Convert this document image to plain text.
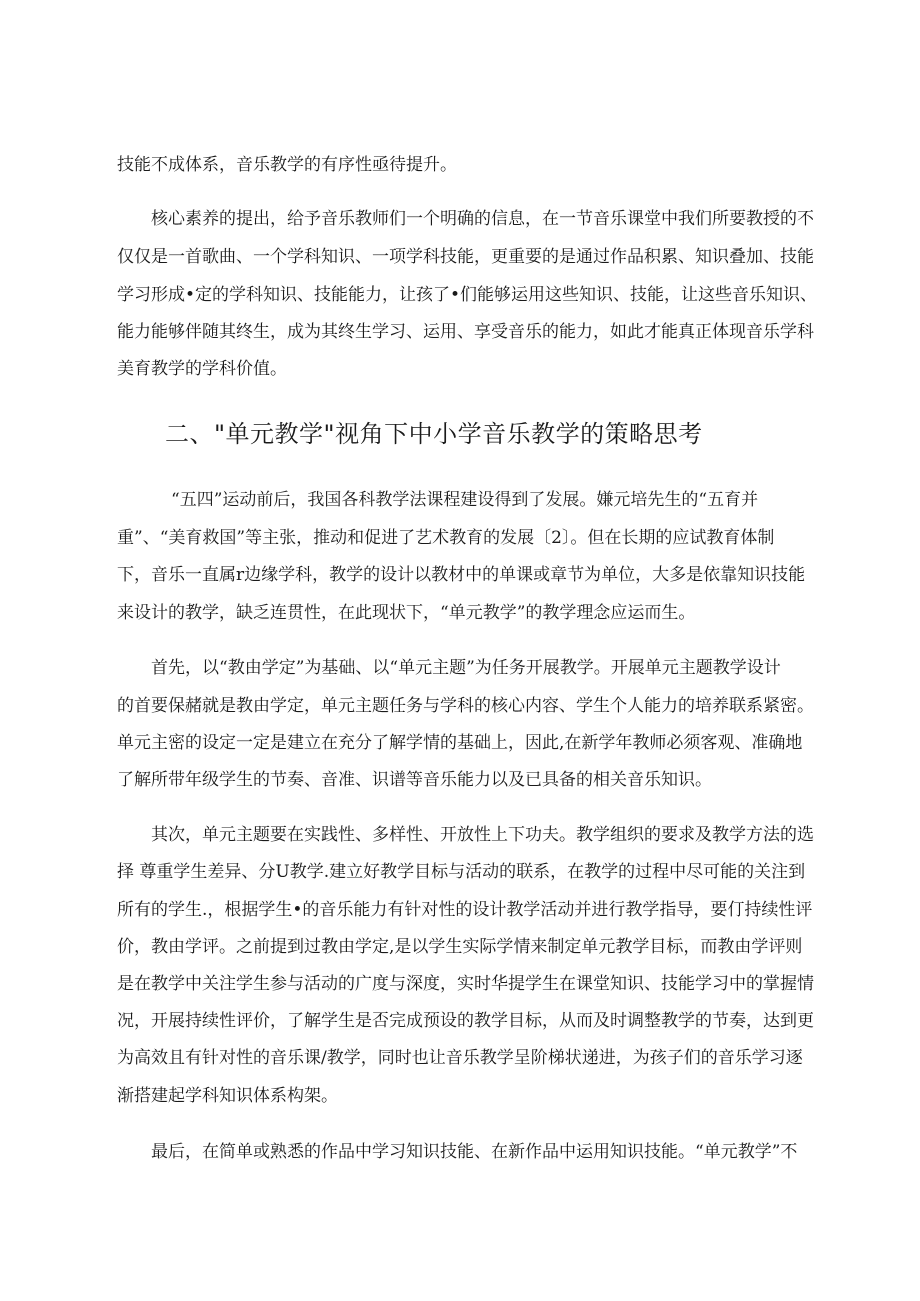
技能不成体系，音乐教学的有序性亟待提升。
核心素养的提出，给予音乐教师们一个明确的信息，在一节音乐课堂中我们所要教授的不
仅仅是一首歌曲、一个学科知识、一项学科技能，更重要的是通过作品积累、知识叠加、技能
学习形成•定的学科知识、技能能力，让孩了•们能够运用这些知识、技能，让这些音乐知识、
能力能够伴随其终生，成为其终生学习、运用、享受音乐的能力，如此才能真正体现音乐学科
美育教学的学科价值。
二、"单元教学"视角下中小学音乐教学的策略思考
“五四”运动前后，我国各科教学法课程建设得到了发展。嫌元培先生的“五育并
重”、“美育救国”等主张，推动和促进了艺术教育的发展〔2〕。但在长期的应试教育体制
下，音乐一直属r边缘学科，教学的设计以教材中的单课或章节为单位，大多是依靠知识技能
来设计的教学，缺乏连贯性，在此现状下，“单元教学”的教学理念应运而生。
首先，以“教由学定”为基础、以“单元主题”为任务开展教学。开展单元主题教学设计
的首要保赭就是教由学定，单元主题任务与学科的核心内容、学生个人能力的培养联系紧密。
单元主密的设定一定是建立在充分了解学情的基础上，因此,在新学年教师必须客观、准确地
了解所带年级学生的节奏、音准、识谱等音乐能力以及已具备的相关音乐知识。
其次，单元主题要在实践性、多样性、开放性上下功夫。教学组织的要求及教学方法的选
择 尊重学生差异、分U教学.建立好教学目标与活动的联系，在教学的过程中尽可能的关注到
所有的学生.，根据学生•的音乐能力有针对性的设计教学活动并进行教学指导，要仃持续性评
价，教由学评。之前提到过教由学定,是以学生实际学情来制定单元教学目标，而教由学评则
是在教学中关注学生参与活动的广度与深度，实时华提学生在课堂知识、技能学习中的掌握情
况，开展持续性评价，了解学生是否完成预设的教学目标，从而及时调整教学的节奏，达到更
为高效且有针对性的音乐课/教学，同时也让音乐教学呈阶梯状递进，为孩子们的音乐学习逐
渐搭建起学科知识体系构架。
最后，在简单或熟悉的作品中学习知识技能、在新作品中运用知识技能。“单元教学”不
